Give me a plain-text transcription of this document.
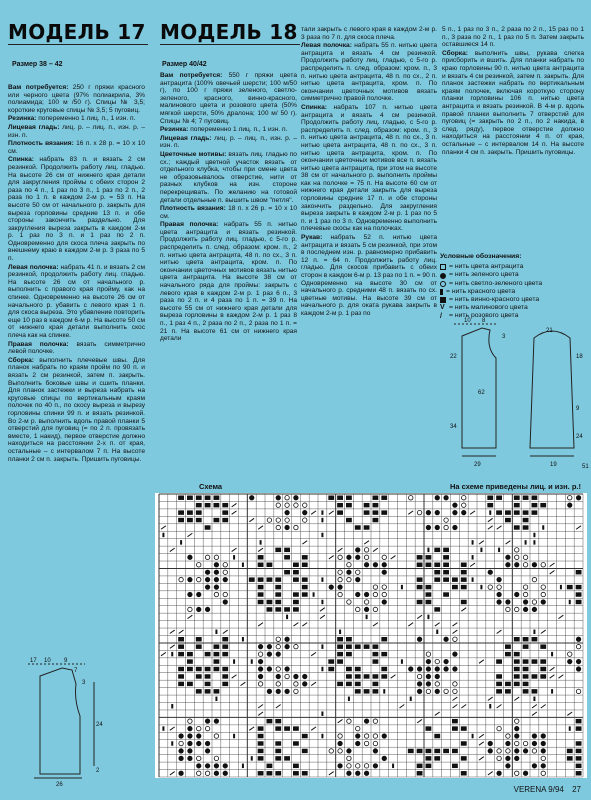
МОДЕЛЬ 17
Размер 38 – 42

Вам потребуется: 250 г пряжи красного или черного цвета (97% полиакрила, 3% полиамида; 100 м /50 г). Спицы № 3,5; короткие круговые спицы № 3,5; 5 пуговиц.

Резинка: попеременно 1 лиц. п., 1 изн. п.

Лицевая гладь: лиц. р. – лиц. п., изн. р. – изн. п.

Плотность вязания: 16 п. х 28 р. = 10 х 10 см.

Спинка: набрать 83 п. и вязать 2 см резинкой. Продолжить работу лиц. гладью. На высоте 26 см от нижнего края детали для закругления проймы с обеих сторон 2 раза по 4 п., 1 раз по 3 п., 1 раз по 2 п., 2 раза по 1 п. в каждом 2-м р. = 53 п. На высоте 50 см от начального р. закрыть для выреза горловины средние 13 п. и обе стороны закончить раздельно. Для закругления выреза закрыть в каждом 2-м р. 1 раз по 3 п. и 1 раз по 2 п. Одновременно для скоса плеча закрыть по внешнему краю в каждом 2-м р. 3 раза по 5 п.

Левая полочка: набрать 41 п. и вязать 2 см резинкой, продолжить работу лиц. гладью. На высоте 26 см от начального р. выполнить с правого края пройму, как на спинке. Одновременно на высоте 26 см от начального р. убавить с левого края 1 п. для скоса выреза. Это убавление повторить еще 10 раз в каждом 6-м р. На высоте 50 см от нижнего края детали выполнить скос плеча как на спинке.

Правая полочка: вязать симметрично левой полочке.

Сборка: выполнить плечевые швы. Для планок набрать по краям пройм по 90 п. и вязать 2 см резинкой, затем п. закрыть. Выполнить боковые швы и сшить планки. Для планок застежки и выреза набрать на круговые спицы по вертикальным краям полочек по 40 п., по скосу выреза и вырезу горловины спинки 99 п. и вязать резинкой. Во 2-м р. выполнить вдоль правой планки 5 отверстий для пуговиц (= по 2 п. провязать вместе, 1 накид), первое отверстие должно находиться на расстоянии 2-х п. от края, остальные – с интервалом 7 п. На высоте планки 2 см п. закрыть. Пришить пуговицы.

17 10 9
7
3
24
2
26
МОДЕЛЬ 18
Размер 40/42

Вам потребуется: 550 г пряжи цвета антрацита (100% овечьей шерсти; 100 м/50 г), по 100 г пряжи зеленого, светло-зеленого, красного, винно-красного, малинового цвета и розового цвета (50% мягкой шерсти, 50% дралона; 100 м/ 50 г). Спицы № 4; 7 пуговиц.

Резинка: попеременно 1 лиц. п., 1 изн. п.

Лицевая гладь: лиц. р. – лиц. п., изн. р. – изн. п.

Цветочные мотивы: вязать лиц. гладью по сх.; каждый цветной участок вязать от отдельного клубка, чтобы при смене цвета не образовывалось отверстие, нити от разных клубков на изн. стороне перекрещивать. По желанию на готовой детали отдельные п. вышить швом "петля".

Плотность вязания: 18 п. х 26 р. = 10 х 10 см.

Правая полочка: набрать 55 п. нитью цвета антрацита и вязать резинкой. Продолжить работу лиц. гладью, с 5-го р. распределить п. след. образом: кром. п., 2 п. нитью цвета антрацита, 48 п. по сх., 3 п. нитью цвета антрацита, кром. п. По окончании цветочных мотивов вязать нитью цвета антрацита. На высоте 38 см от начального ряда для проймы: закрыть с левого края в каждом 2-м р. 1 раз 6 п., 3 раза по 2 п. и 4 раза по 1 п. = 39 п. На высоте 55 см от нижнего края детали для выреза горловины в каждом 2-м р. 1 раз 8 п., 1 раз 4 п., 2 раза по 2 п., 2 раза по 1 п. = 21 п. На высоте 61 см от нижнего края детали

тали закрыть с левого края в каждом 2-м р. 3 раза по 7 п. для скоса плеча.

Левая полочка: набрать 55 п. нитью цвета антрацита и вязать 4 см резинкой. Продолжить работу лиц. гладью, с 5-го р. распределить п. след. образом: кром. п., 3 п. нитью цвета антрацита, 48 п. по сх., 2 п. нитью цвета антрацита, кром. п. По окончании цветочных мотивов вязать симметрично правой полочке.

Спинка: набрать 107 п. нитью цвета антрацита и вязать 4 см резинкой. Продолжить работу лиц. гладью, с 5-го р. распределить п. след. образом: кром. п., 3 п. нитью цвета антрацита, 48 п. по сх., 3 п. нитью цвета антрацита, 48 п. по сх., 3 п. нитью цвета антрацита, кром. п. По окончании цветочных мотивов все п. вязать нитью цвета антрацита, при этом на высоте 38 см от начального р. выполнить проймы как на полочке = 75 п. На высоте 60 см от нижнего края детали закрыть для выреза горловины средние 17 п. и обе стороны закончить раздельно. Для закругления выреза закрыть в каждом 2-м р. 1 раз по 5 п. и 1 раз по 3 п. Одновременно выполнить плечевые скосы как на полочках.

Рукав: набрать 52 п. нитью цвета антрацита и вязать 5 см резинкой, при этом в последнем изн. р. равномерно прибавить 12 п. = 64 п. Продолжить работу лиц. гладью. Для скосов прибавить с обеих сторон в каждом 6-м р. 13 раз по 1 п. = 90 п. Одновременно на высоте 30 см от начального р. средними 48 п. вязать по сх. цветные мотивы. На высоте 39 см от начального р. для оката рукава закрыть в каждом 2-м р. 1 раз по

5 п., 1 раз по 3 п., 2 раза по 2 п., 15 раз по 1 п., 3 раза по 2 п., 1 раз по 5 п. Затем закрыть оставшиеся 14 п.

Сборка: выполнить швы, рукава слегка присборить и вшить. Для планки набрать по краю горловины 90 п. нитью цвета антрацита и вязать 4 см резинкой, затем п. закрыть. Для планок застежки набрать по вертикальным краям полочек, включая короткую сторону планки горловины 106 п. нитью цвета антрацита и вязать резинкой. В 4-м р. вдоль правой планки выполнить 7 отверстий для пуговиц (= закрыть по 2 п., по 2 накида, в след. ряду), первое отверстие должно находиться на расстоянии 4 п. от края, остальные – с интервалом 14 п. На высоте планки 4 см п. закрыть. Пришить пуговицы.

Условные обозначения:
= нить цвета антрацита
= нить зеленого цвета
= нить светло-зеленого цвета
= нить красного цвета
= нить винно-красного цвета
V = нить малинового цвета
/	= нить розового цвета
10 8
22
62
3
34
21
18
9
24
29	19	51
Схема	На схеме приведены лиц. и изн. р.!
VERENA 9/94 27
